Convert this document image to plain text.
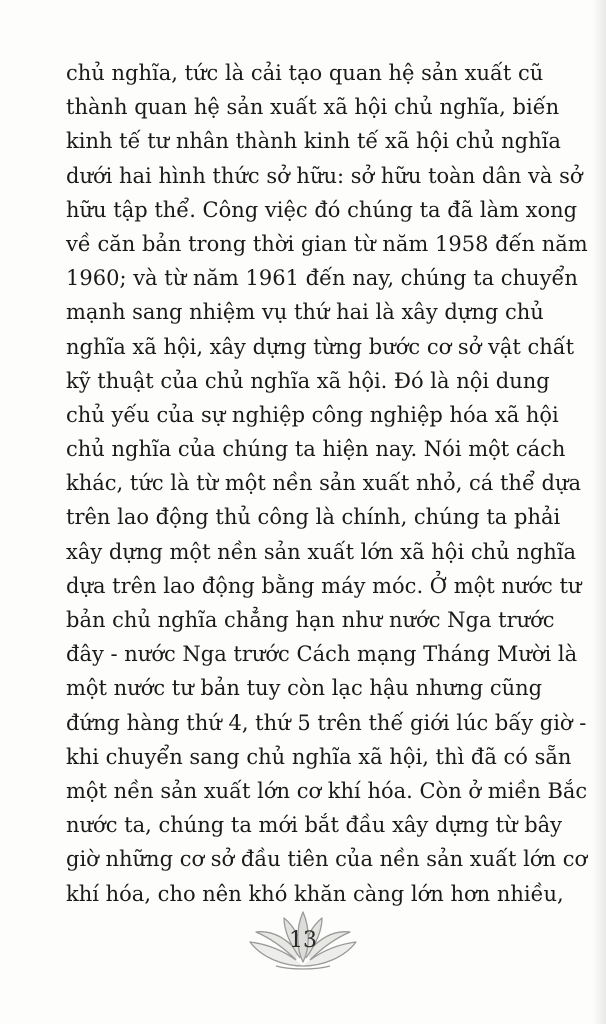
chủ nghĩa, tức là cải tạo quan hệ sản xuất cũ
thành quan hệ sản xuất xã hội chủ nghĩa, biến
kinh tế tư nhân thành kinh tế xã hội chủ nghĩa
dưới hai hình thức sở hữu: sở hữu toàn dân và sở
hữu tập thể. Công việc đó chúng ta đã làm xong
về căn bản trong thời gian từ năm 1958 đến năm
1960; và từ năm 1961 đến nay, chúng ta chuyển
mạnh sang nhiệm vụ thứ hai là xây dựng chủ
nghĩa xã hội, xây dựng từng bước cơ sở vật chất
kỹ thuật của chủ nghĩa xã hội. Đó là nội dung
chủ yếu của sự nghiệp công nghiệp hóa xã hội
chủ nghĩa của chúng ta hiện nay. Nói một cách
khác, tức là từ một nền sản xuất nhỏ, cá thể dựa
trên lao động thủ công là chính, chúng ta phải
xây dựng một nền sản xuất lớn xã hội chủ nghĩa
dựa trên lao động bằng máy móc. Ở một nước tư
bản chủ nghĩa chẳng hạn như nước Nga trước
đây - nước Nga trước Cách mạng Tháng Mười là
một nước tư bản tuy còn lạc hậu nhưng cũng
đứng hàng thứ 4, thứ 5 trên thế giới lúc bấy giờ -
khi chuyển sang chủ nghĩa xã hội, thì đã có sẵn
một nền sản xuất lớn cơ khí hóa. Còn ở miền Bắc
nước ta, chúng ta mới bắt đầu xây dựng từ bây
giờ những cơ sở đầu tiên của nền sản xuất lớn cơ
khí hóa, cho nên khó khăn càng lớn hơn nhiều,
13
